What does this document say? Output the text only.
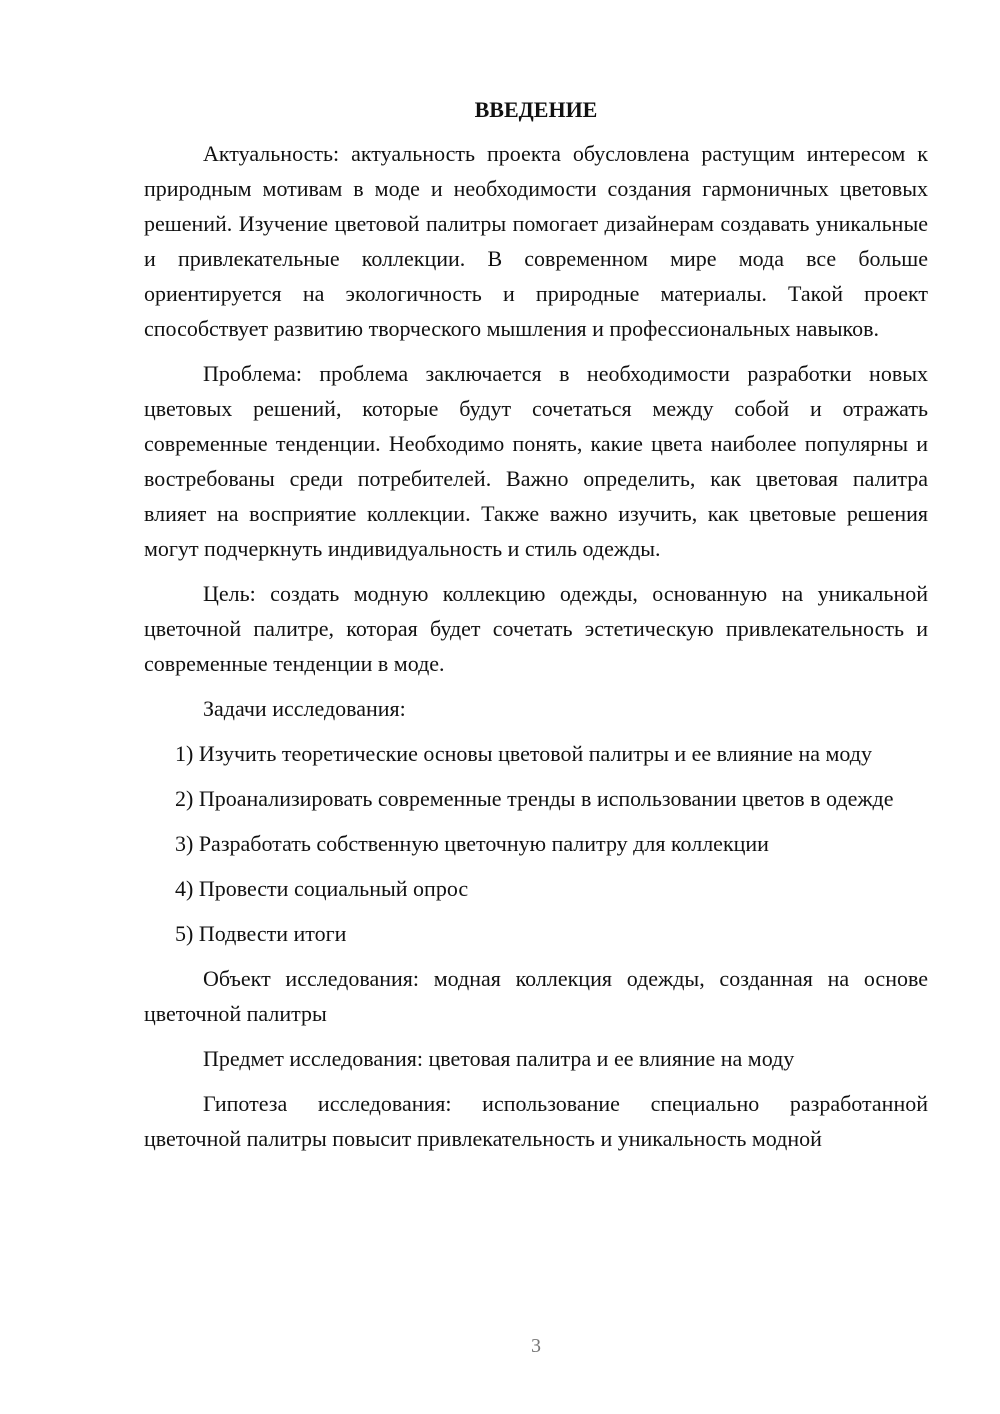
ВВЕДЕНИЕ

Актуальность: актуальность проекта обусловлена растущим интересом к природным мотивам в моде и необходимости создания гармоничных цветовых решений. Изучение цветовой палитры помогает дизайнерам создавать уникальные и привлекательные коллекции. В современном мире мода все больше ориентируется на экологичность и природные материалы. Такой проект способствует развитию творческого мышления и профессиональных навыков.

Проблема: проблема заключается в необходимости разработки новых цветовых решений, которые будут сочетаться между собой и отражать современные тенденции. Необходимо понять, какие цвета наиболее популярны и востребованы среди потребителей. Важно определить, как цветовая палитра влияет на восприятие коллекции. Также важно изучить, как цветовые решения могут подчеркнуть индивидуальность и стиль одежды.

Цель: создать модную коллекцию одежды, основанную на уникальной цветочной палитре, которая будет сочетать эстетическую привлекательность и современные тенденции в моде.

Задачи исследования:

1) Изучить теоретические основы цветовой палитры и ее влияние на моду

2) Проанализировать современные тренды в использовании цветов в одежде

3) Разработать собственную цветочную палитру для коллекции

4) Провести социальный опрос

5) Подвести итоги

Объект исследования: модная коллекция одежды, созданная на основе цветочной палитры

Предмет исследования: цветовая палитра и ее влияние на моду

Гипотеза исследования: использование специально разработанной цветочной палитры повысит привлекательность и уникальность модной

3
